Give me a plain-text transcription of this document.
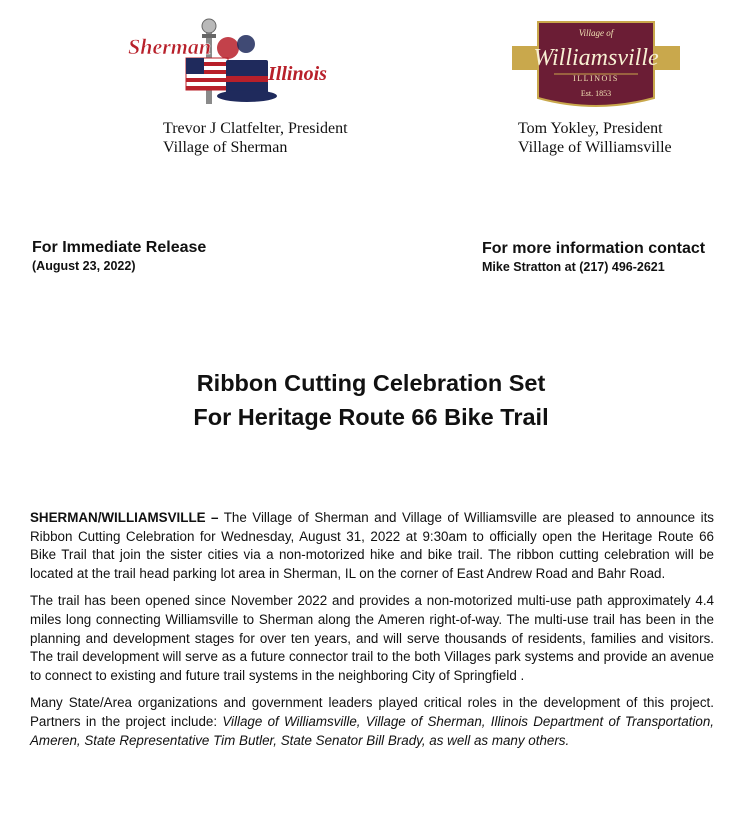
Sherman
Illinois
Village of
Williamsville
ILLINOIS
Est. 1853
Trevor J Clatfelter, President
Village of Sherman
Tom Yokley, President
Village of Williamsville
For Immediate Release
(August 23, 2022)
For more information contact
Mike Stratton at (217) 496-2621
Ribbon Cutting Celebration Set
For Heritage Route 66 Bike Trail

SHERMAN/WILLIAMSVILLE – The Village of Sherman and Village of Williamsville are pleased to announce its Ribbon Cutting Celebration for Wednesday, August 31, 2022 at 9:30am to officially open the Heritage Route 66 Bike Trail that join the sister cities via a non-motorized hike and bike trail. The ribbon cutting celebration will be located at the trail head parking lot area in Sherman, IL on the corner of East Andrew Road and Bahr Road.

The trail has been opened since November 2022 and provides a non-motorized multi-use path approximately 4.4 miles long connecting Williamsville to Sherman along the Ameren right-of-way. The multi-use trail has been in the planning and development stages for over ten years, and will serve thousands of residents, families and visitors. The trail development will serve as a future connector trail to the both Villages park systems and provide an avenue to connect to existing and future trail systems in the neighboring City of Springfield .

Many State/Area organizations and government leaders played critical roles in the development of this project. Partners in the project include: Village of Williamsville, Village of Sherman, Illinois Department of Transportation, Ameren, State Representative Tim Butler, State Senator Bill Brady, as well as many others.
